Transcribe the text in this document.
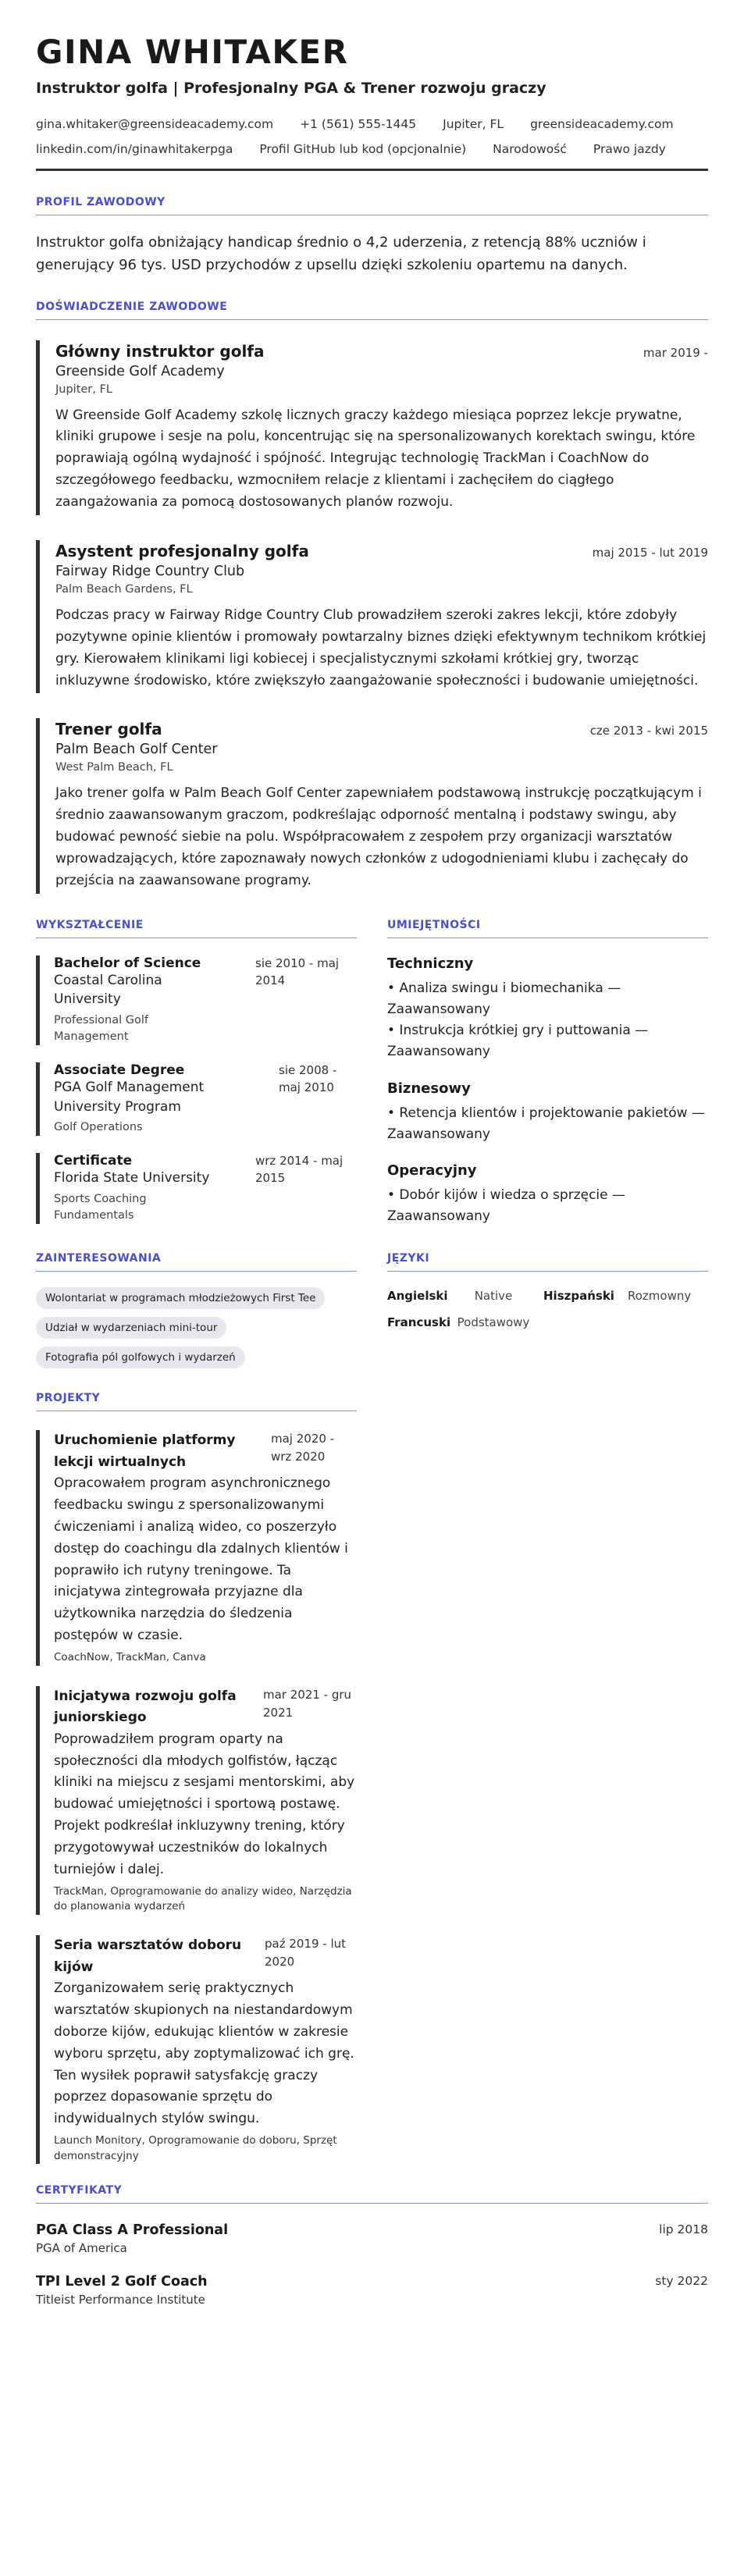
GINA WHITAKER
Instruktor golfa | Profesjonalny PGA & Trener rozwoju graczy
gina.whitaker@greensideacademy.com +1 (561) 555-1445 Jupiter, FL greensideacademy.com
linkedin.com/in/ginawhitakerpga Profil GitHub lub kod (opcjonalnie) Narodowość Prawo jazdy
PROFIL ZAWODOWY

Instruktor golfa obniżający handicap średnio o 4,2 uderzenia, z retencją 88% uczniów i generujący 96 tys. USD przychodów z upsellu dzięki szkoleniu opartemu na danych.

DOŚWIADCZENIE ZAWODOWE
Główny instruktor golfa	mar 2019 -
Greenside Golf Academy
Jupiter, FL
W Greenside Golf Academy szkolę licznych graczy każdego miesiąca poprzez lekcje prywatne, kliniki grupowe i sesje na polu, koncentrując się na spersonalizowanych korektach swingu, które poprawiają ogólną wydajność i spójność. Integrując technologię TrackMan i CoachNow do szczegółowego feedbacku, wzmocniłem relacje z klientami i zachęciłem do ciągłego zaangażowania za pomocą dostosowanych planów rozwoju.
Asystent profesjonalny golfa	maj 2015 - lut 2019
Fairway Ridge Country Club
Palm Beach Gardens, FL
Podczas pracy w Fairway Ridge Country Club prowadziłem szeroki zakres lekcji, które zdobyły pozytywne opinie klientów i promowały powtarzalny biznes dzięki efektywnym technikom krótkiej gry. Kierowałem klinikami ligi kobiecej i specjalistycznymi szkołami krótkiej gry, tworząc inkluzywne środowisko, które zwiększyło zaangażowanie społeczności i budowanie umiejętności.
Trener golfa	cze 2013 - kwi 2015
Palm Beach Golf Center
West Palm Beach, FL
Jako trener golfa w Palm Beach Golf Center zapewniałem podstawową instrukcję początkującym i średnio zaawansowanym graczom, podkreślając odporność mentalną i podstawy swingu, aby budować pewność siebie na polu. Współpracowałem z zespołem przy organizacji warsztatów wprowadzających, które zapoznawały nowych członków z udogodnieniami klubu i zachęcały do przejścia na zaawansowane programy.
WYKSZTAŁCENIE
Bachelor of Science
Coastal Carolina University
sie 2010 - maj 2014
Professional Golf Management
Associate Degree
PGA Golf Management University Program
sie 2008 - maj 2010
Golf Operations
Certificate
Florida State University
wrz 2014 - maj 2015
Sports Coaching Fundamentals
UMIEJĘTNOŚCI
Techniczny
• Analiza swingu i biomechanika — Zaawansowany
• Instrukcja krótkiej gry i puttowania — Zaawansowany
Biznesowy
• Retencja klientów i projektowanie pakietów — Zaawansowany
Operacyjny
• Dobór kijów i wiedza o sprzęcie — Zaawansowany
ZAINTERESOWANIA
Wolontariat w programach młodzieżowych First Tee
Udział w wydarzeniach mini-tour
Fotografia pól golfowych i wydarzeń
JĘZYKI
Angielski	Native	Hiszpański	Rozmowny
Francuski Podstawowy
PROJEKTY
Uruchomienie platformy lekcji wirtualnych
maj 2020 - wrz 2020
Opracowałem program asynchronicznego feedbacku swingu z spersonalizowanymi ćwiczeniami i analizą wideo, co poszerzyło dostęp do coachingu dla zdalnych klientów i poprawiło ich rutyny treningowe. Ta inicjatywa zintegrowała przyjazne dla użytkownika narzędzia do śledzenia postępów w czasie.
CoachNow, TrackMan, Canva
Inicjatywa rozwoju golfa juniorskiego
mar 2021 - gru 2021
Poprowadziłem program oparty na społeczności dla młodych golfistów, łącząc kliniki na miejscu z sesjami mentorskimi, aby budować umiejętności i sportową postawę. Projekt podkreślał inkluzywny trening, który przygotowywał uczestników do lokalnych turniejów i dalej.
TrackMan, Oprogramowanie do analizy wideo, Narzędzia do planowania wydarzeń
Seria warsztatów doboru kijów
paź 2019 - lut 2020
Zorganizowałem serię praktycznych warsztatów skupionych na niestandardowym doborze kijów, edukując klientów w zakresie wyboru sprzętu, aby zoptymalizować ich grę. Ten wysiłek poprawił satysfakcję graczy poprzez dopasowanie sprzętu do indywidualnych stylów swingu.
Launch Monitory, Oprogramowanie do doboru, Sprzęt demonstracyjny
CERTYFIKATY
PGA Class A Professional
PGA of America
lip 2018
TPI Level 2 Golf Coach
Titleist Performance Institute
sty 2022
